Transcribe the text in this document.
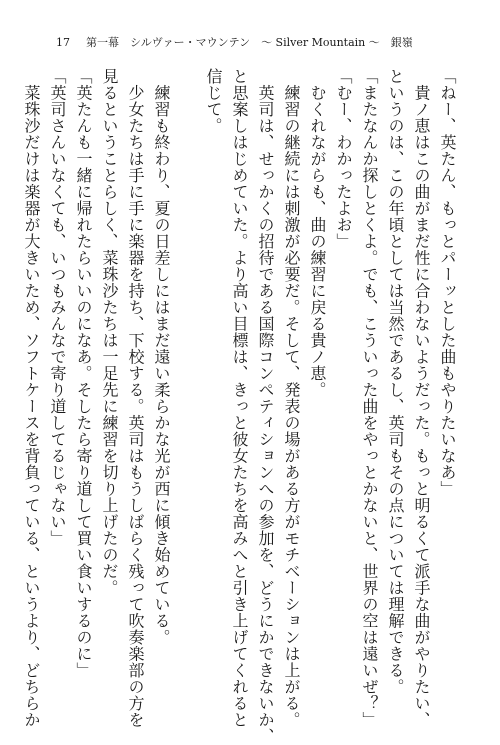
17 第一幕　シルヴァー・マウンテン　～ Silver Mountain ～　銀嶺
「ねー、英たん、もっとパーッとした曲もやりたいなあ」
　貴ノ恵はこの曲がまだ性に合わないようだった。もっと明るくて派手な曲がやりたい、
というのは、この年頃としては当然であるし、英司もその点については理解できる。
「またなんか探しとくよ。でも、こういった曲をやっとかないと、世界の空は遠いぜ？」
「むー、わかったよお」
　むくれながらも、曲の練習に戻る貴ノ恵。
　練習の継続には刺激が必要だ。そして、発表の場がある方がモチベーションは上がる。
　英司は、せっかくの招待である国際コンペティションへの参加を、どうにかできないか、
と思案しはじめていた。より高い目標は、きっと彼女たちを高みへと引き上げてくれると
信じて。
　練習も終わり、夏の日差しにはまだ遠い柔らかな光が西に傾き始めている。
　少女たちは手に手に楽器を持ち、下校する。英司はもうしばらく残って吹奏楽部の方を
見るということらしく、菜珠沙たちは一足先に練習を切り上げたのだ。
「英たんも一緒に帰れたらいいのになあ。そしたら寄り道して買い食いするのに」
「英司さんいなくても、いつもみんなで寄り道してるじゃない」
　菜珠沙だけは楽器が大きいため、ソフトケースを背負っている、というより、どちらか
